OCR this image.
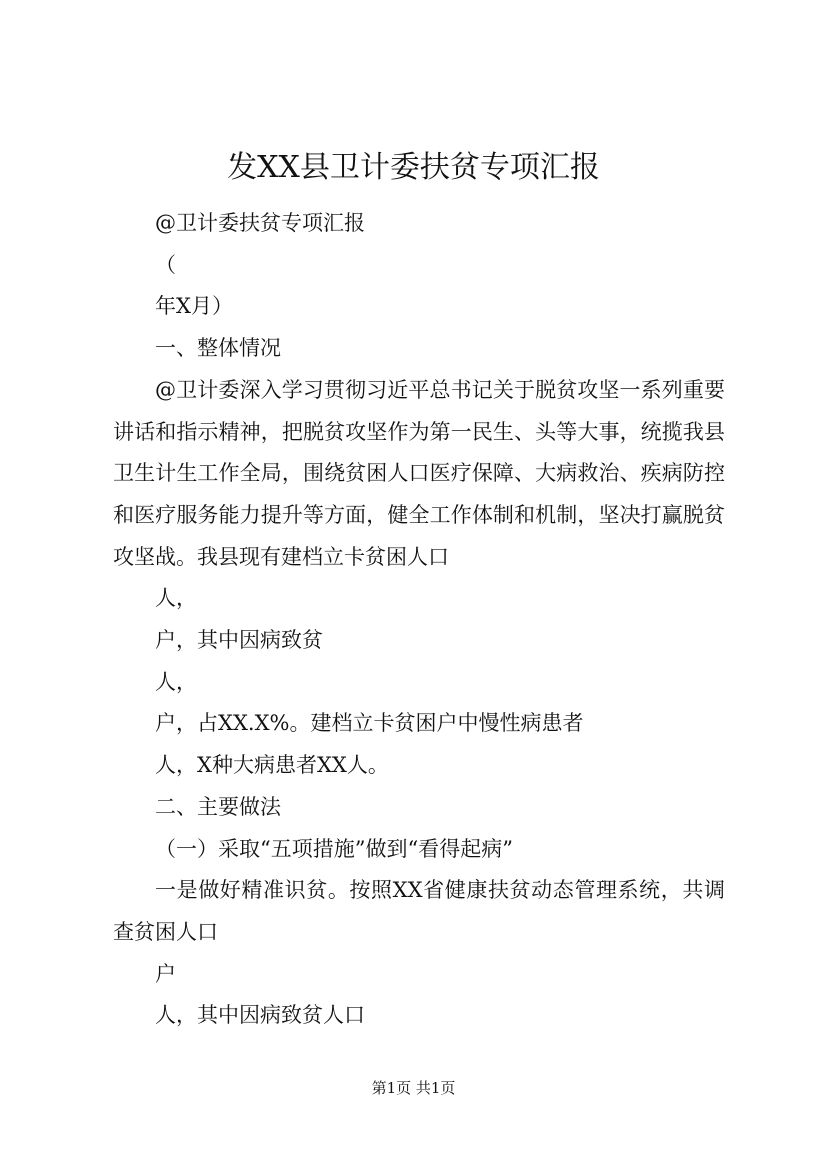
发XX县卫计委扶贫专项汇报

@卫计委扶贫专项汇报

（

年X月）

一、整体情况

@卫计委深入学习贯彻习近平总书记关于脱贫攻坚一系列重要讲话和指示精神，把脱贫攻坚作为第一民生、头等大事，统揽我县卫生计生工作全局，围绕贫困人口医疗保障、大病救治、疾病防控和医疗服务能力提升等方面，健全工作体制和机制，坚决打赢脱贫攻坚战。我县现有建档立卡贫困人口

人，

户，其中因病致贫

人，

户，占XX.X%。建档立卡贫困户中慢性病患者

人，X种大病患者XX人。

二、主要做法

（一）采取“五项措施”做到“看得起病”

一是做好精准识贫。按照XX省健康扶贫动态管理系统，共调查贫困人口

户

人，其中因病致贫人口

第1页 共1页
